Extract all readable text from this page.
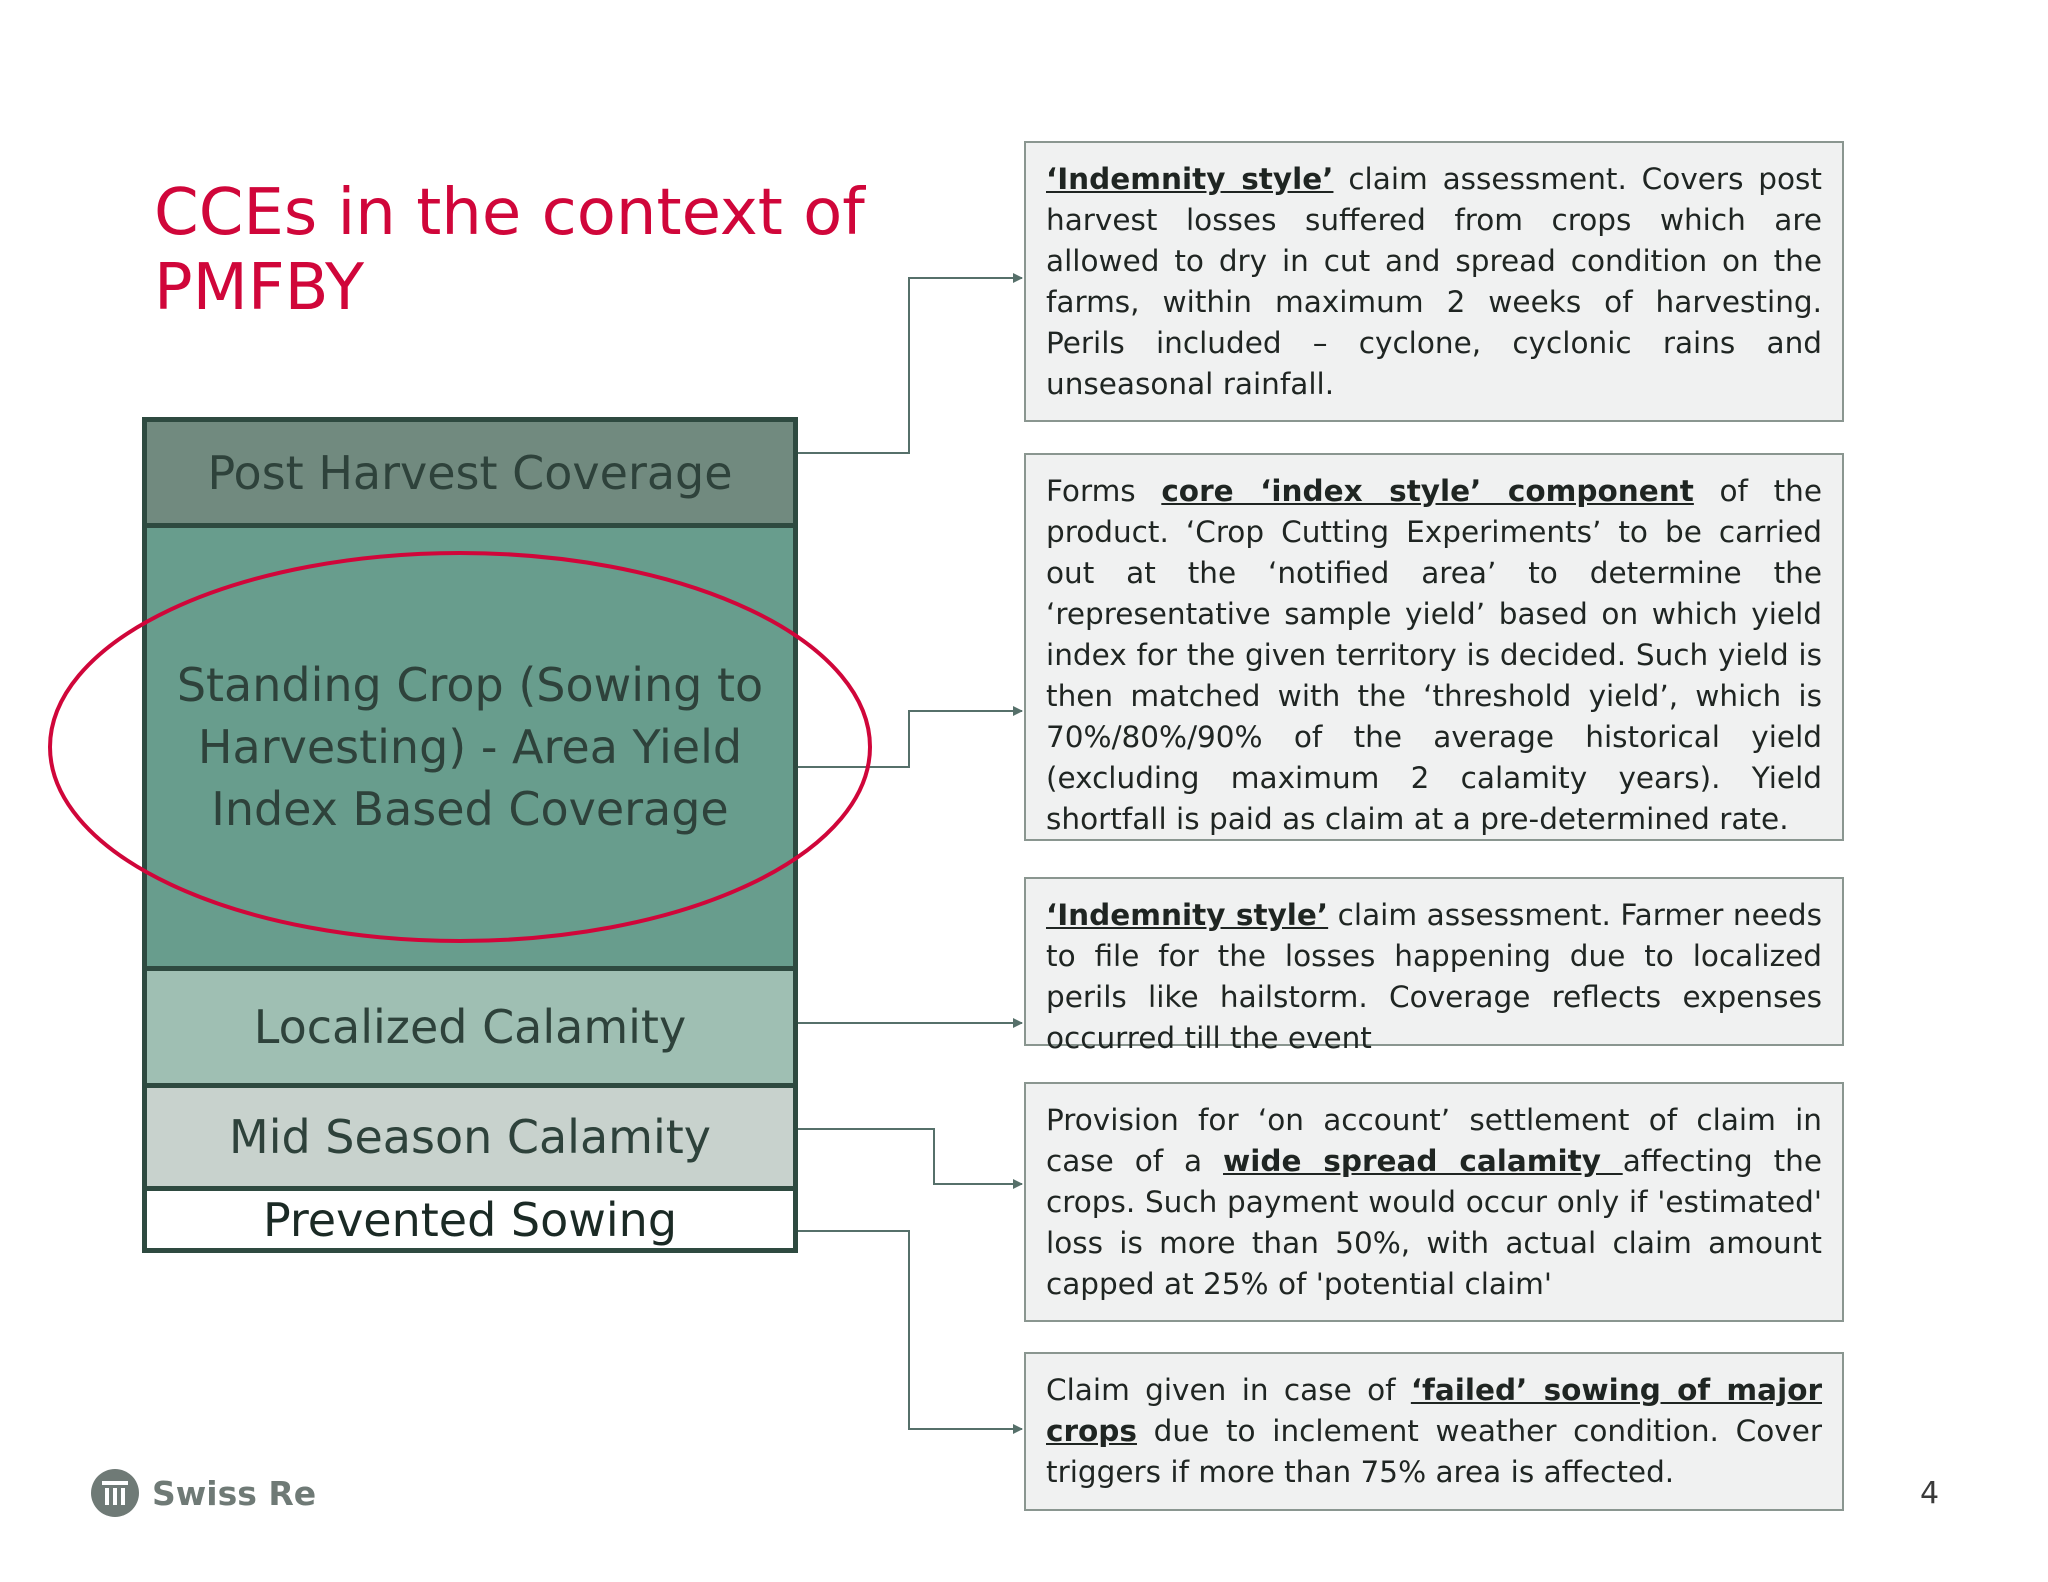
CCEs in the context of
PMFBY
Post Harvest Coverage
Standing Crop (Sowing to
Harvesting) - Area Yield
Index Based Coverage
Localized Calamity
Mid Season Calamity
Prevented Sowing
‘Indemnity style’ claim assessment. Covers post harvest losses suffered from crops which are allowed to dry in cut and spread condition on the farms, within maximum 2 weeks of harvesting. Perils included – cyclone, cyclonic rains and unseasonal rainfall.
Forms core ‘index style’ component of the product. ‘Crop Cutting Experiments’ to be carried out at the ‘notified area’ to determine the ‘representative sample yield’ based on which yield index for the given territory is decided. Such yield is then matched with the ‘threshold yield’, which is 70%/80%/90% of the average historical yield (excluding maximum 2 calamity years). Yield shortfall is paid as claim at a pre-determined rate.
‘Indemnity style’ claim assessment. Farmer needs to file for the losses happening due to localized perils like hailstorm. Coverage reflects expenses occurred till the event
Provision for ‘on account’ settlement of claim in case of a wide spread calamity affecting the crops. Such payment would occur only if 'estimated' loss is more than 50%, with actual claim amount capped at 25% of 'potential claim'
Claim given in case of ‘failed’ sowing of major crops due to inclement weather condition. Cover triggers if more than 75% area is affected.
Swiss Re	4
